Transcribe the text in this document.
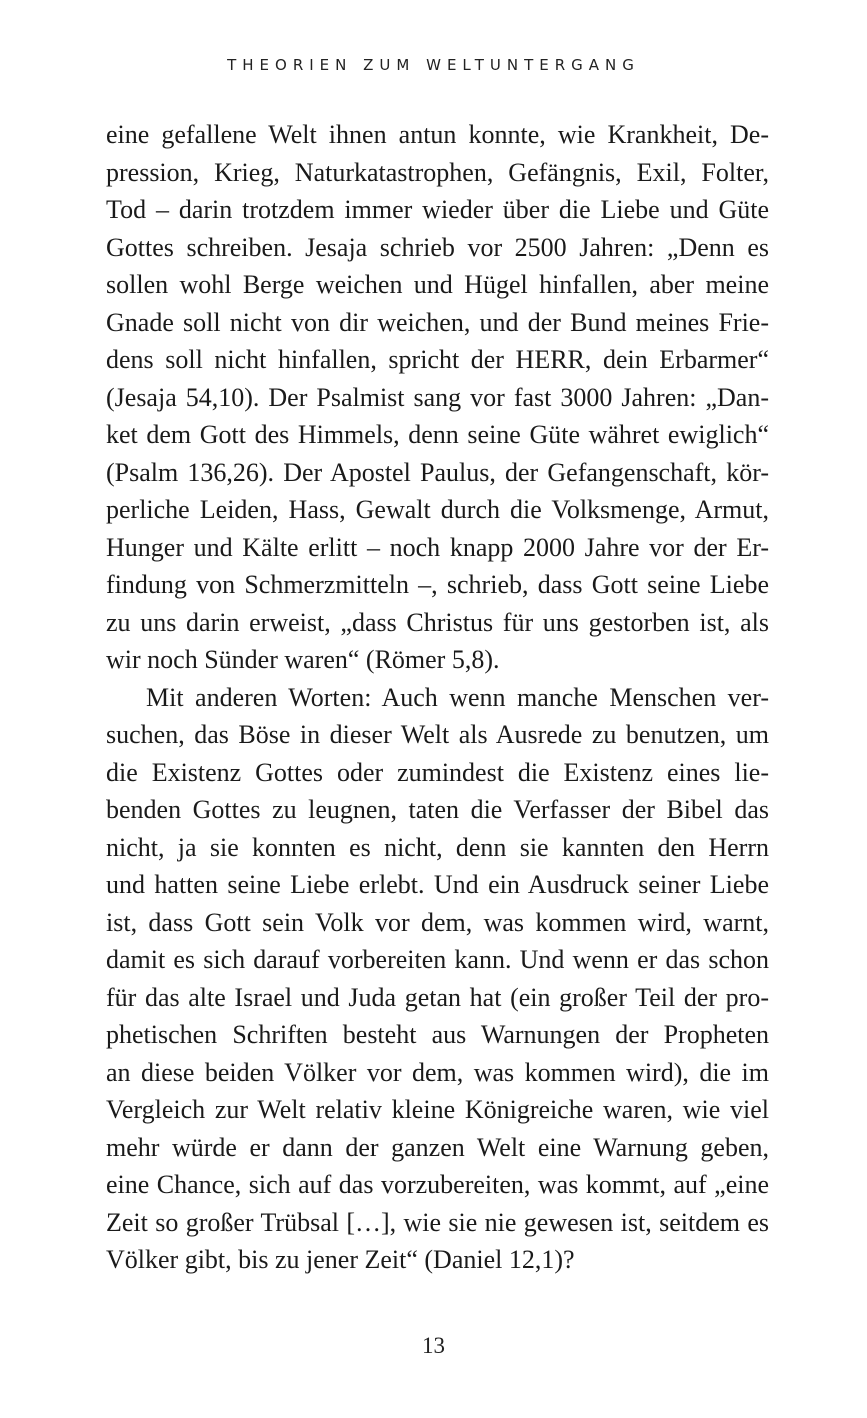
THEORIEN ZUM WELTUNTERGANG
eine gefallene Welt ihnen antun konnte, wie Krankheit, De-
pression, Krieg, Naturkatastrophen, Gefängnis, Exil, Folter,
Tod – darin trotzdem immer wieder über die Liebe und Güte
Gottes schreiben. Jesaja schrieb vor 2500 Jahren: „Denn es
sollen wohl Berge weichen und Hügel hinfallen, aber meine
Gnade soll nicht von dir weichen, und der Bund meines Frie-
dens soll nicht hinfallen, spricht der HERR, dein Erbarmer“
(Jesaja 54,10). Der Psalmist sang vor fast 3000 Jahren: „Dan-
ket dem Gott des Himmels, denn seine Güte währet ewiglich“
(Psalm 136,26). Der Apostel Paulus, der Gefangenschaft, kör-
perliche Leiden, Hass, Gewalt durch die Volksmenge, Armut,
Hunger und Kälte erlitt – noch knapp 2000 Jahre vor der Er-
findung von Schmerzmitteln –, schrieb, dass Gott seine Liebe
zu uns darin erweist, „dass Christus für uns gestorben ist, als
wir noch Sünder waren“ (Römer 5,8).
Mit anderen Worten: Auch wenn manche Menschen ver-
suchen, das Böse in dieser Welt als Ausrede zu benutzen, um
die Existenz Gottes oder zumindest die Existenz eines lie-
benden Gottes zu leugnen, taten die Verfasser der Bibel das
nicht, ja sie konnten es nicht, denn sie kannten den Herrn
und hatten seine Liebe erlebt. Und ein Ausdruck seiner Liebe
ist, dass Gott sein Volk vor dem, was kommen wird, warnt,
damit es sich darauf vorbereiten kann. Und wenn er das schon
für das alte Israel und Juda getan hat (ein großer Teil der pro-
phetischen Schriften besteht aus Warnungen der Propheten
an diese beiden Völker vor dem, was kommen wird), die im
Vergleich zur Welt relativ kleine Königreiche waren, wie viel
mehr würde er dann der ganzen Welt eine Warnung geben,
eine Chance, sich auf das vorzubereiten, was kommt, auf „eine
Zeit so großer Trübsal […], wie sie nie gewesen ist, seitdem es
Völker gibt, bis zu jener Zeit“ (Daniel 12,1)?
13
